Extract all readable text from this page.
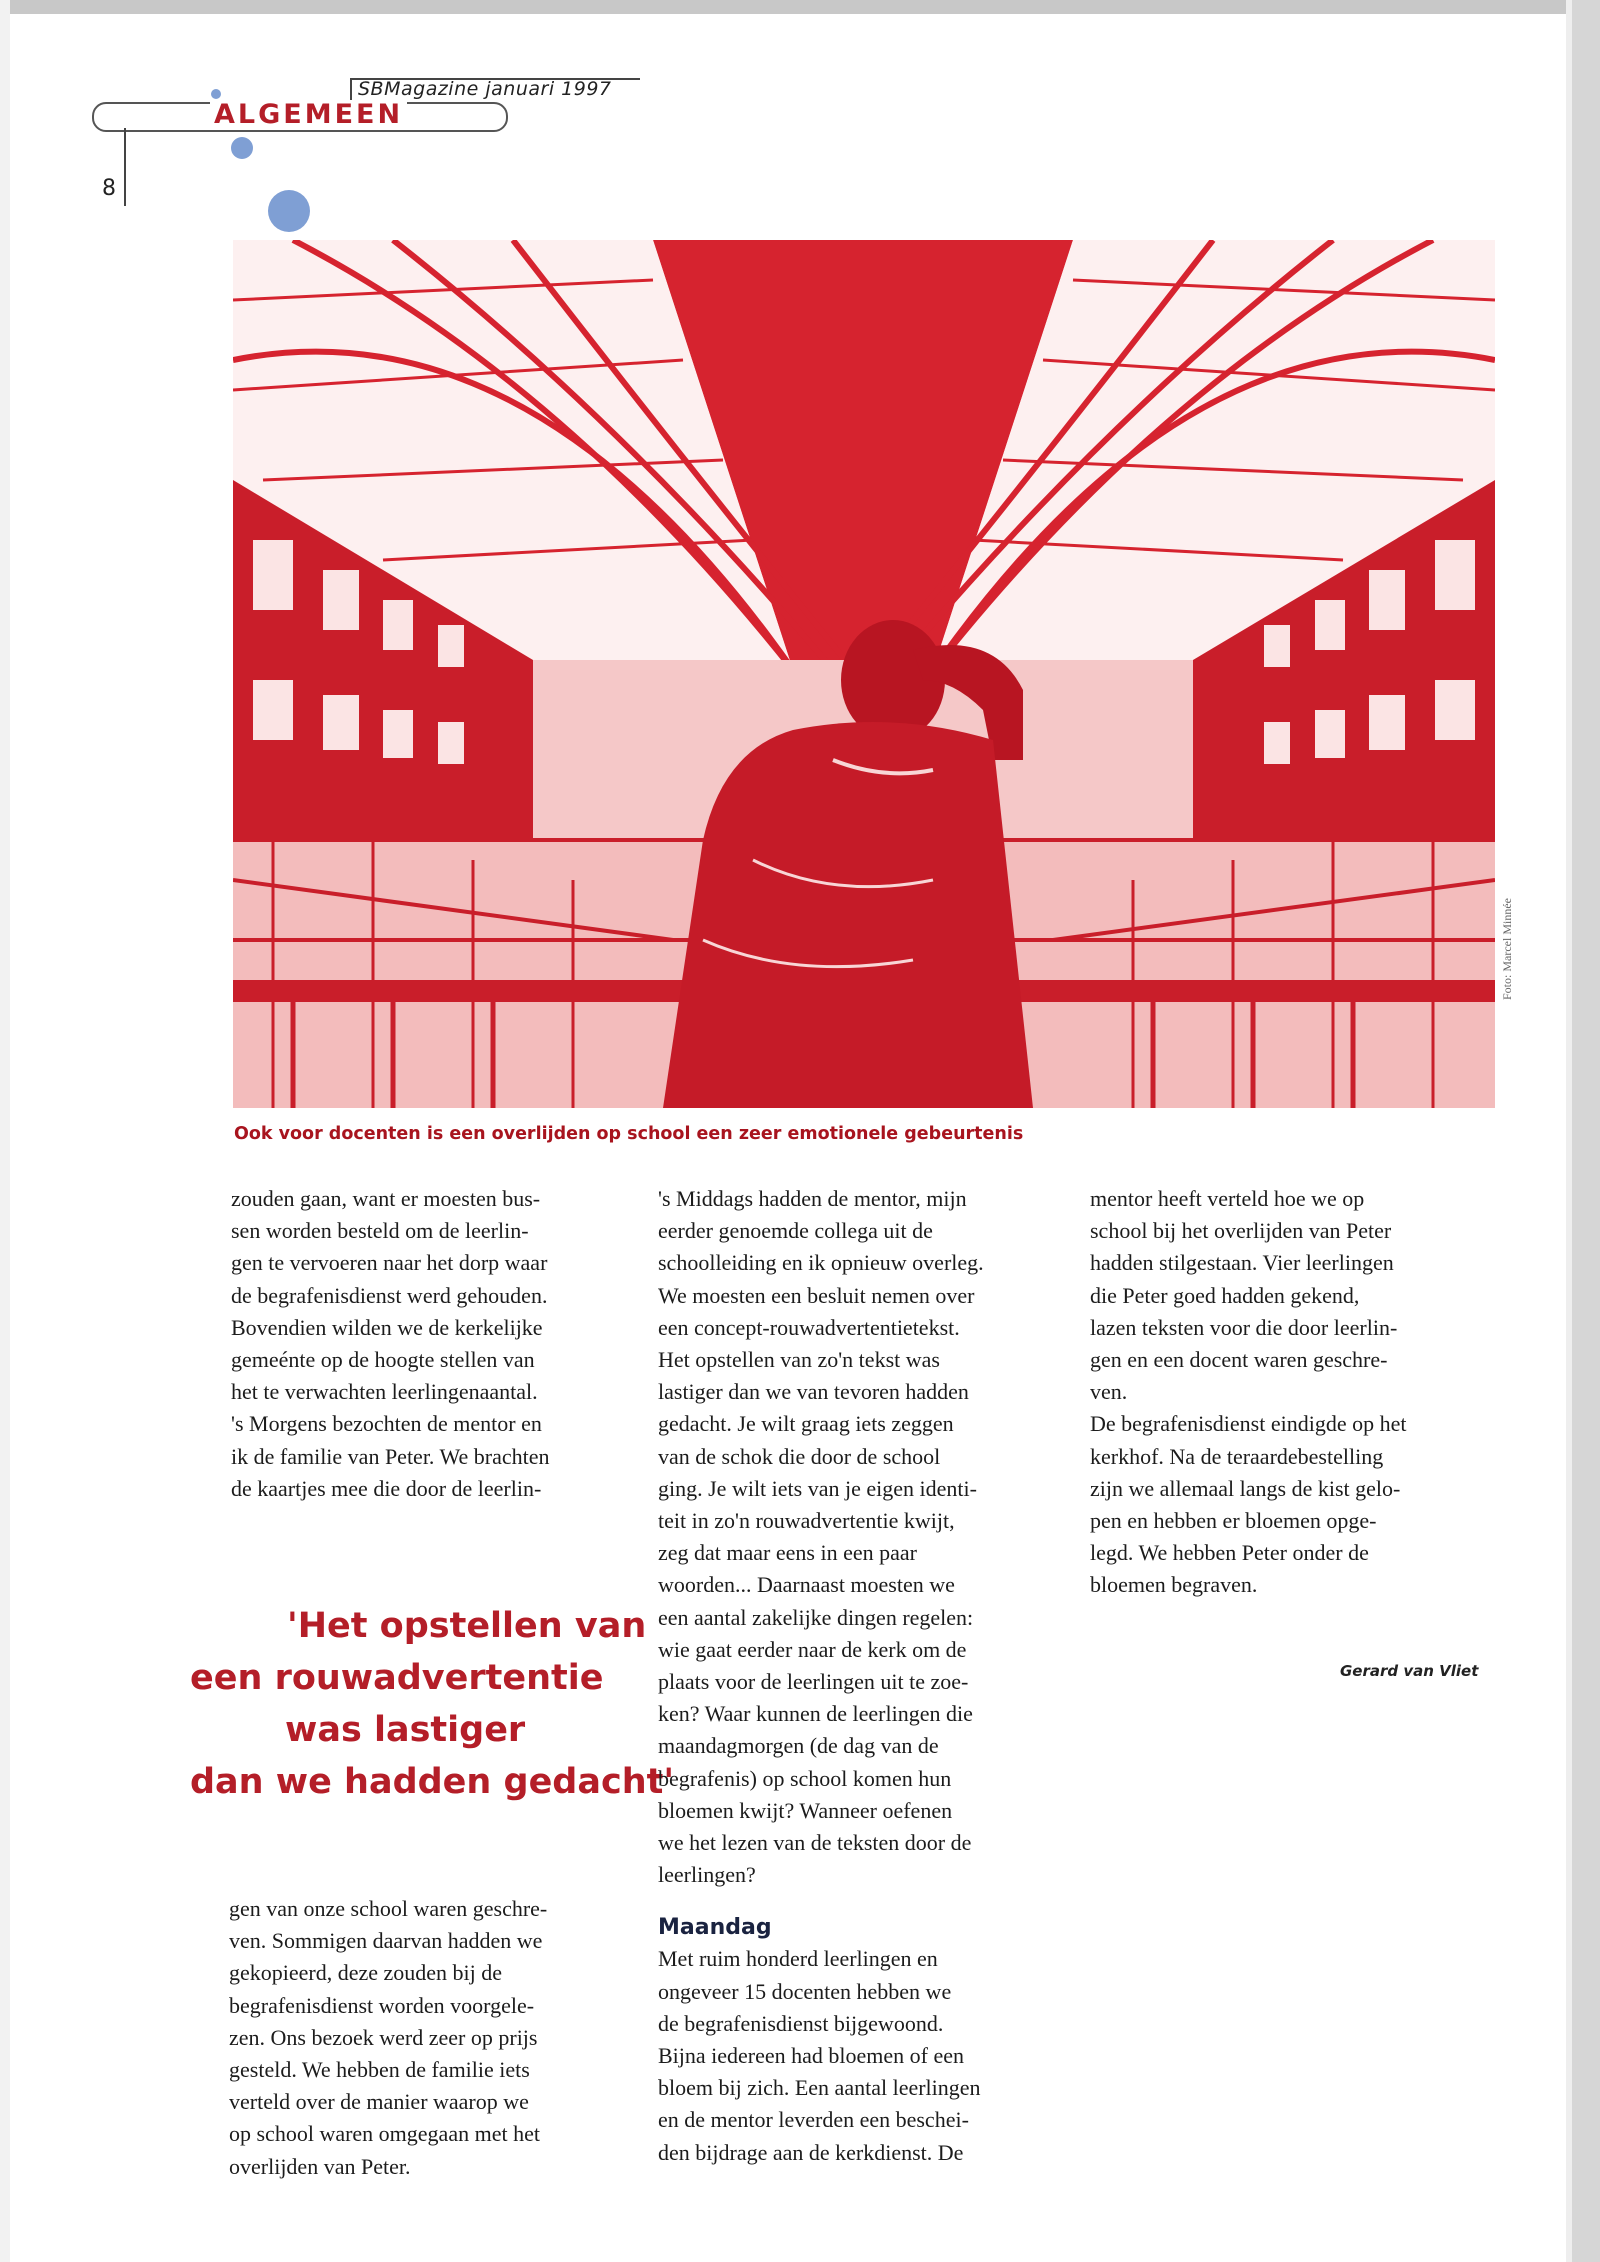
SBMagazine januari 1997
ALGEMEEN
8
Foto: Marcel Minnée
Ook voor docenten is een overlijden op school een zeer emotionele gebeurtenis

zouden gaan, want er moesten bus-

sen worden besteld om de leerlin-

gen te vervoeren naar het dorp waar

de begrafenisdienst werd gehouden.

Bovendien wilden we de kerkelijke

gemeénte op de hoogte stellen van

het te verwachten leerlingenaantal.

's Morgens bezochten de mentor en

ik de familie van Peter. We brachten

de kaartjes mee die door de leerlin-

'Het opstellen van
een rouwadvertentie
was lastiger
dan we hadden gedacht'

gen van onze school waren geschre-

ven. Sommigen daarvan hadden we

gekopieerd, deze zouden bij de

begrafenisdienst worden voorgele-

zen. Ons bezoek werd zeer op prijs

gesteld. We hebben de familie iets

verteld over de manier waarop we

op school waren omgegaan met het

overlijden van Peter.

's Middags hadden de mentor, mijn

eerder genoemde collega uit de

schoolleiding en ik opnieuw overleg.

We moesten een besluit nemen over

een concept-rouwadvertentietekst.

Het opstellen van zo'n tekst was

lastiger dan we van tevoren hadden

gedacht. Je wilt graag iets zeggen

van de schok die door de school

ging. Je wilt iets van je eigen identi-

teit in zo'n rouwadvertentie kwijt,

zeg dat maar eens in een paar

woorden... Daarnaast moesten we

een aantal zakelijke dingen regelen:

wie gaat eerder naar de kerk om de

plaats voor de leerlingen uit te zoe-

ken? Waar kunnen de leerlingen die

maandagmorgen (de dag van de

begrafenis) op school komen hun

bloemen kwijt? Wanneer oefenen

we het lezen van de teksten door de

leerlingen?

Maandag

Met ruim honderd leerlingen en

ongeveer 15 docenten hebben we

de begrafenisdienst bijgewoond.

Bijna iedereen had bloemen of een

bloem bij zich. Een aantal leerlingen

en de mentor leverden een beschei-

den bijdrage aan de kerkdienst. De

mentor heeft verteld hoe we op

school bij het overlijden van Peter

hadden stilgestaan. Vier leerlingen

die Peter goed hadden gekend,

lazen teksten voor die door leerlin-

gen en een docent waren geschre-

ven.

De begrafenisdienst eindigde op het

kerkhof. Na de teraardebestelling

zijn we allemaal langs de kist gelo-

pen en hebben er bloemen opge-

legd. We hebben Peter onder de

bloemen begraven.

Gerard van Vliet
